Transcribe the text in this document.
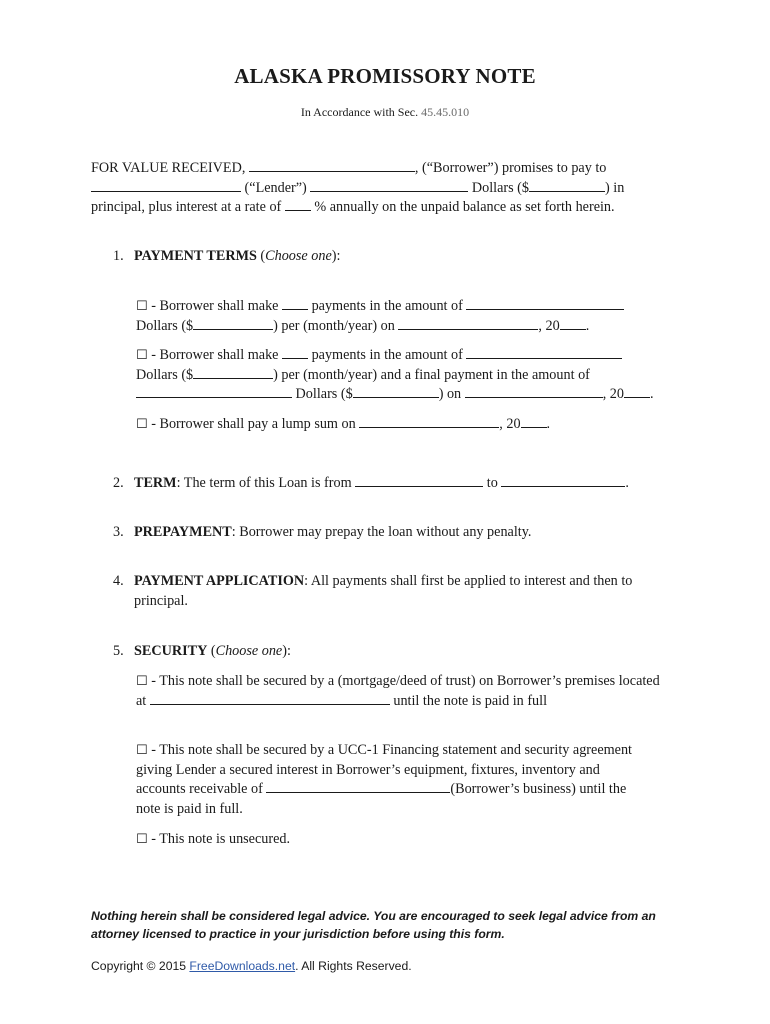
ALASKA PROMISSORY NOTE
In Accordance with Sec. 45.45.010
FOR VALUE RECEIVED,	, (“Borrower”) promises to pay to  (“Lender”)	Dollars ($	) in principal, plus interest at a rate of  % annually on the unpaid balance as set forth herein.
1. PAYMENT TERMS (Choose one):
☐ - Borrower shall make  payments in the amount of
Dollars ($	) per (month/year) on	, 20 .
☐ - Borrower shall make  payments in the amount of
Dollars ($	) per (month/year) and a final payment in the amount of
Dollars ($	) on	, 20 .
☐ - Borrower shall pay a lump sum on	, 20 .
2. TERM: The term of this Loan is from	to	.
3. PREPAYMENT: Borrower may prepay the loan without any penalty.
4. PAYMENT APPLICATION: All payments shall first be applied to interest and then to principal.
5. SECURITY (Choose one):
☐ - This note shall be secured by a (mortgage/deed of trust) on Borrower’s premises located at	until the note is paid in full
☐ - This note shall be secured by a UCC-1 Financing statement and security agreement giving Lender a secured interest in Borrower’s equipment, fixtures, inventory and accounts receivable of	(Borrower’s business) until the note is paid in full.
☐ - This note is unsecured.
Nothing herein shall be considered legal advice. You are encouraged to seek legal advice from an attorney licensed to practice in your jurisdiction before using this form.
Copyright © 2015 FreeDownloads.net. All Rights Reserved.
